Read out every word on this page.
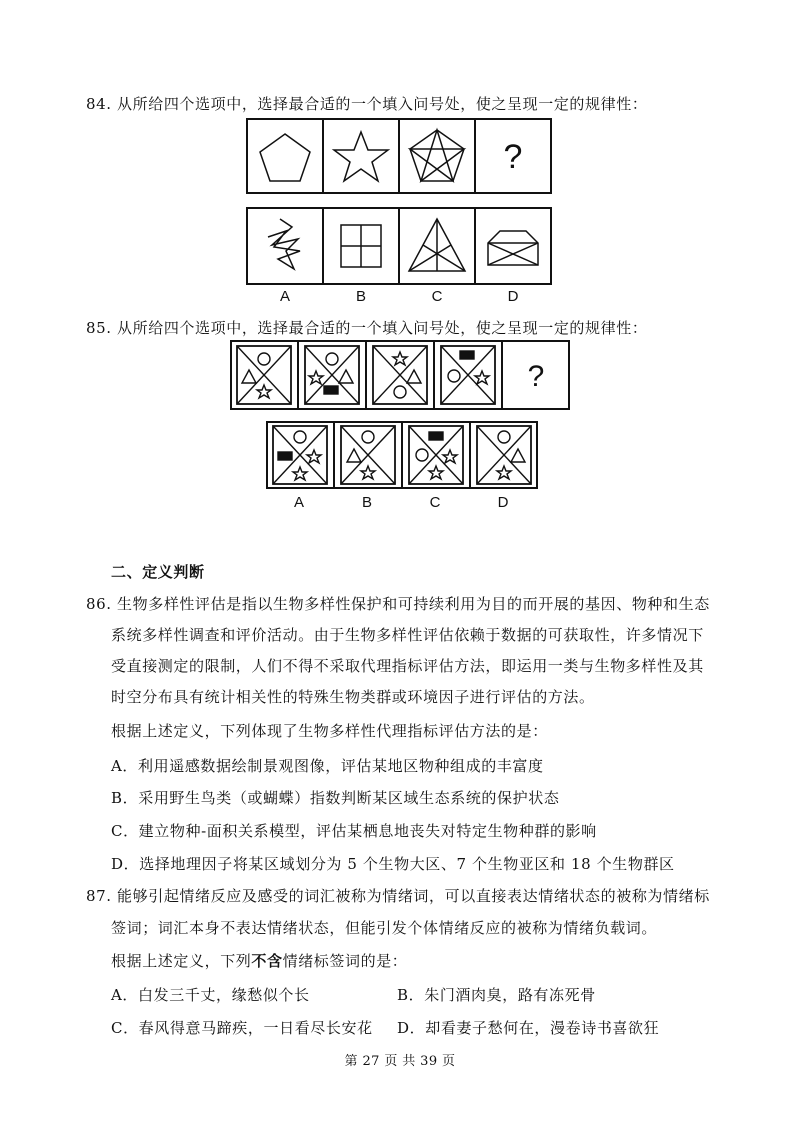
84. 从所给四个选项中，选择最合适的一个填入问号处，使之呈现一定的规律性：
?
A	B	C	D
85. 从所给四个选项中，选择最合适的一个填入问号处，使之呈现一定的规律性：
?
A	B	C	D
二、定义判断
86. 生物多样性评估是指以生物多样性保护和可持续利用为目的而开展的基因、物种和生态
系统多样性调查和评价活动。由于生物多样性评估依赖于数据的可获取性，许多情况下
受直接测定的限制，人们不得不采取代理指标评估方法，即运用一类与生物多样性及其
时空分布具有统计相关性的特殊生物类群或环境因子进行评估的方法。
根据上述定义，下列体现了生物多样性代理指标评估方法的是：
A．利用遥感数据绘制景观图像，评估某地区物种组成的丰富度
B．采用野生鸟类（或蝴蝶）指数判断某区域生态系统的保护状态
C．建立物种-面积关系模型，评估某栖息地丧失对特定生物种群的影响
D．选择地理因子将某区域划分为 5 个生物大区、7 个生物亚区和 18 个生物群区
87. 能够引起情绪反应及感受的词汇被称为情绪词，可以直接表达情绪状态的被称为情绪标
签词；词汇本身不表达情绪状态，但能引发个体情绪反应的被称为情绪负载词。
根据上述定义，下列不含情绪标签词的是：
A．白发三千丈，缘愁似个长	B．朱门酒肉臭，路有冻死骨
C．春风得意马蹄疾，一日看尽长安花 D．却看妻子愁何在，漫卷诗书喜欲狂
第 27 页 共 39 页
